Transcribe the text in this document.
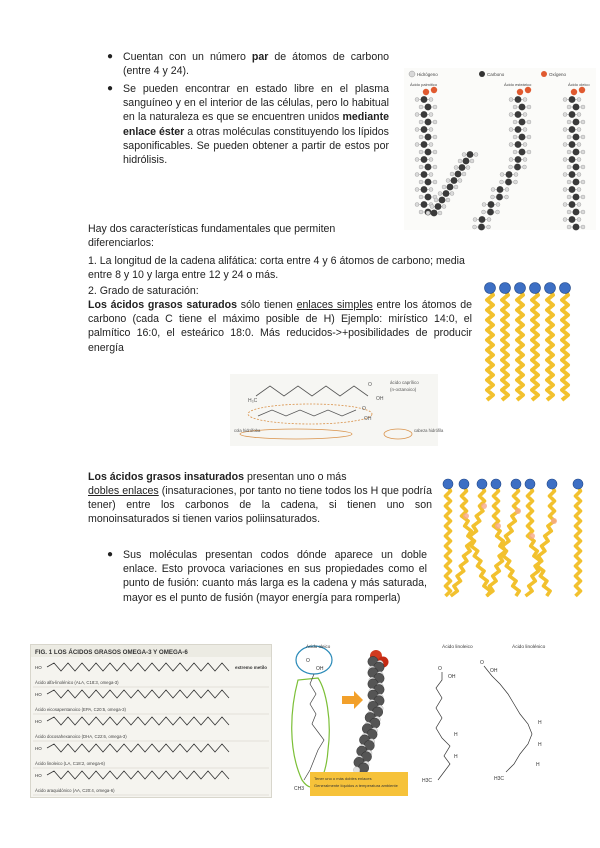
● Cuentan con un número par de átomos de carbono (entre 4 y 24).
● Se pueden encontrar en estado libre en el plasma sanguíneo y en el interior de las células, pero lo habitual en la naturaleza es que se encuentren unidos mediante enlace éster a otras moléculas constituyendo los lípidos saponificables. Se pueden obtener a partir de estos por hidrólisis.
Hidrógeno	Carbono	Oxígeno
Ácido palmítico	Ácido esteárico	Ácido oleico
Hay dos características fundamentales que permiten diferenciarlos:
1. La longitud de la cadena alifática: corta entre 4 y 6 átomos de carbono; media entre 8 y 10 y larga entre 12 y 24 o más.
2. Grado de saturación:
Los ácidos grasos saturados sólo tienen enlaces simples entre los átomos de carbono (cada C tiene el máximo posible de H) Ejemplo: mirístico 14:0, el palmítico 16:0, el esteárico 18:0. Más reducidos->+posibilidades de producir energía
H₃C
O
OH
ácido caprílico
(n-octanoico)
O
OH
cola hidrófoba	cabeza hidrófila
Los ácidos grasos insaturados presentan uno o más
dobles enlaces (insaturaciones, por tanto no tiene todos los H que podría tener) entre los carbonos de la cadena, si tienen uno son monoinsaturados si tienen varios poliinsaturados.
● Sus moléculas presentan codos dónde aparece un doble enlace. Esto provoca variaciones en sus propiedades como el punto de fusión: cuanto más larga es la cadena y más saturada, mayor es el punto de fusión (mayor energía para romperla)
FIG. 1 LOS ÁCIDOS GRASOS OMEGA-3 Y OMEGA-6
HO
Ácido alfa-linolénico (ALA, C18:3, omega-3)
HO
Ácido eicosapentanoico (EPA, C20:5, omega-3)
HO
Ácido docosahexanoico (DHA, C22:6, omega-3)
HO
Ácido linoleico (LA, C18:2, omega-6)
HO
Ácido araquidónico (AA, C20:4, omega-6)
extremo metilo
Ácido oleico
O
OH
CH3
Tener uno o más dobles enlaces
Generalmente líquidos a temperatura ambiente
Ácido linoleico	Ácido linolénico
O
OH
H
H
H3C
O
OH
H
H
H
H3C
